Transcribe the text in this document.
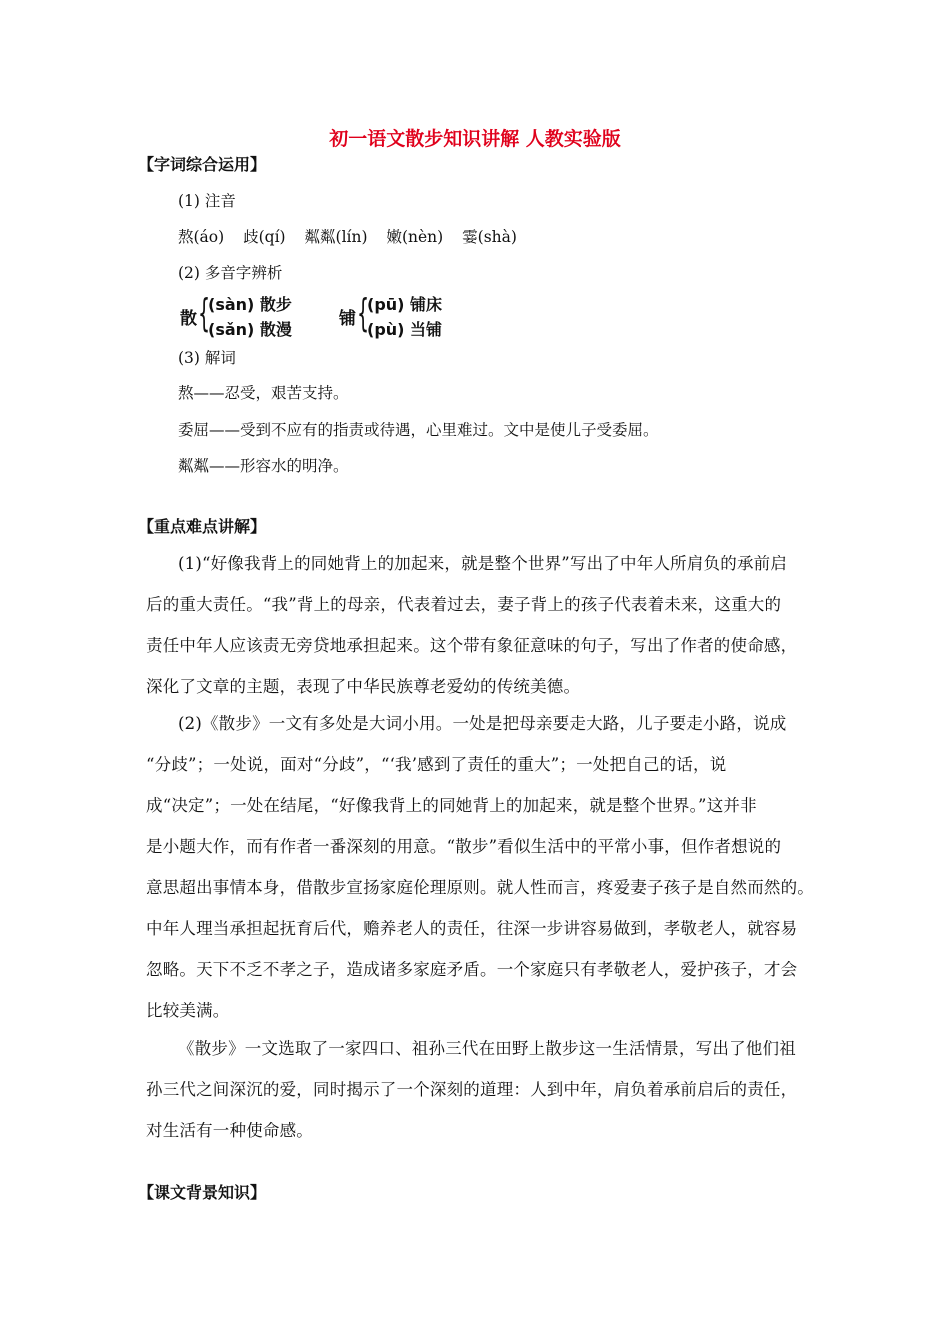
初一语文散步知识讲解 人教实验版
【字词综合运用】
(1) 注音
熬(áo) 歧(qí) 粼粼(lín) 嫩(nèn) 霎(shà)
(2) 多音字辨析
散 {
(sàn) 散步
(sǎn) 散漫
铺 {
(pū) 铺床
(pù) 当铺
(3) 解词
熬——忍受，艰苦支持。
委屈——受到不应有的指责或待遇，心里难过。文中是使儿子受委屈。
粼粼——形容水的明净。
【重点难点讲解】
(1)“好像我背上的同她背上的加起来，就是整个世界”写出了中年人所肩负的承前启
后的重大责任。“我”背上的母亲，代表着过去，妻子背上的孩子代表着未来，这重大的
责任中年人应该责无旁贷地承担起来。这个带有象征意味的句子，写出了作者的使命感，
深化了文章的主题，表现了中华民族尊老爱幼的传统美德。
(2)《散步》一文有多处是大词小用。一处是把母亲要走大路，儿子要走小路，说成
“分歧”；一处说，面对“分歧”，“‘我’感到了责任的重大”；一处把自己的话，说
成“决定”；一处在结尾，“好像我背上的同她背上的加起来，就是整个世界。”这并非
是小题大作，而有作者一番深刻的用意。“散步”看似生活中的平常小事，但作者想说的
意思超出事情本身，借散步宣扬家庭伦理原则。就人性而言，疼爱妻子孩子是自然而然的。
中年人理当承担起抚育后代，赡养老人的责任，往深一步讲容易做到，孝敬老人，就容易
忽略。天下不乏不孝之子，造成诸多家庭矛盾。一个家庭只有孝敬老人，爱护孩子，才会
比较美满。
《散步》一文选取了一家四口、祖孙三代在田野上散步这一生活情景，写出了他们祖
孙三代之间深沉的爱，同时揭示了一个深刻的道理：人到中年，肩负着承前启后的责任，
对生活有一种使命感。
【课文背景知识】
